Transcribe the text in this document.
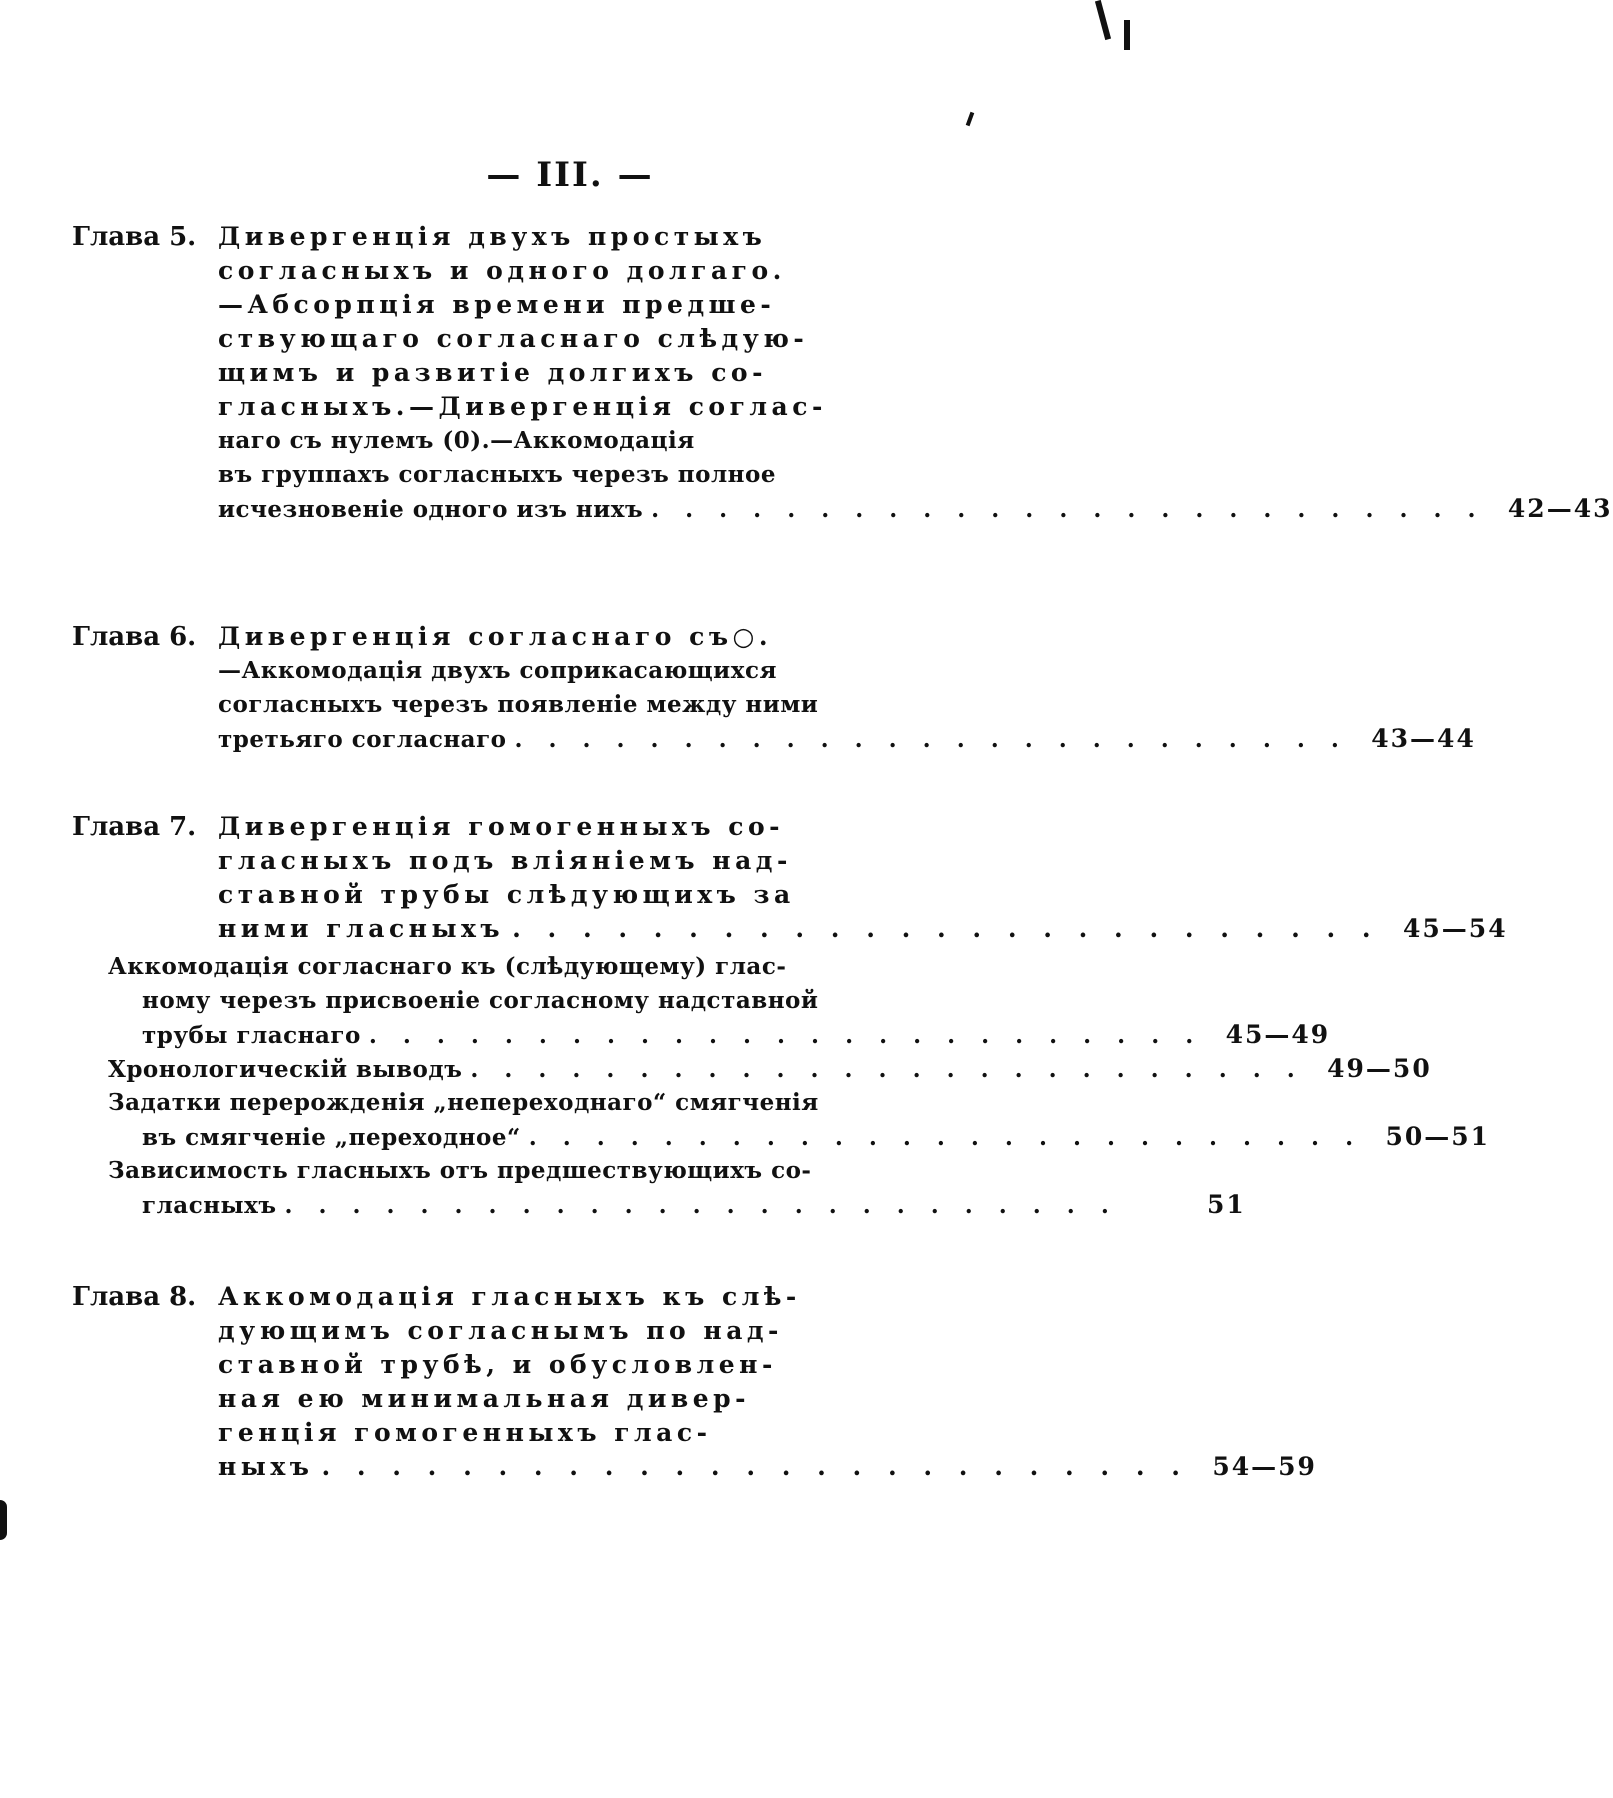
— III. —
Глава 5. Дивергенція двухъ простыхъ
согласныхъ и одного долгаго.
—Абсорпція времени предше-
ствующаго согласнаго слѣдую-
щимъ и развитіе долгихъ со-
гласныхъ.—Дивергенція соглас-
наго съ нулемъ (0).—Аккомодація
въ группахъ согласныхъ черезъ полное
исчезновеніе одного изъ нихъ . . . . . . . . . . . . . . . . . . . . . . . . . 42—43
Глава 6. Дивергенція согласнаго съ○.
—Аккомодація двухъ соприкасающихся
согласныхъ черезъ появленіе между ними
третьяго согласнаго . . . . . . . . . . . . . . . . . . . . . . . . . 43—44
Глава 7. Дивергенція гомогенныхъ со-
гласныхъ подъ вліяніемъ над-
ставной трубы слѣдующихъ за
ними гласныхъ . . . . . . . . . . . . . . . . . . . . . . . . . 45—54
Аккомодація согласнаго къ (слѣдующему) глас-
ному черезъ присвоеніе согласному надставной
трубы гласнаго . . . . . . . . . . . . . . . . . . . . . . . . . 45—49
Хронологическій выводъ . . . . . . . . . . . . . . . . . . . . . . . . . 49—50
Задатки перерожденія „непереходнаго“ смягченія
въ смягченіе „переходное“ . . . . . . . . . . . . . . . . . . . . . . . . . 50—51
Зависимость гласныхъ отъ предшествующихъ со-
гласныхъ . . . . . . . . . . . . . . . . . . . . . . . . .	51
Глава 8. Аккомодація гласныхъ къ слѣ-
дующимъ согласнымъ по над-
ставной трубѣ, и обусловлен-
ная ею минимальная дивер-
генція гомогенныхъ глас-
ныхъ . . . . . . . . . . . . . . . . . . . . . . . . . 54—59
